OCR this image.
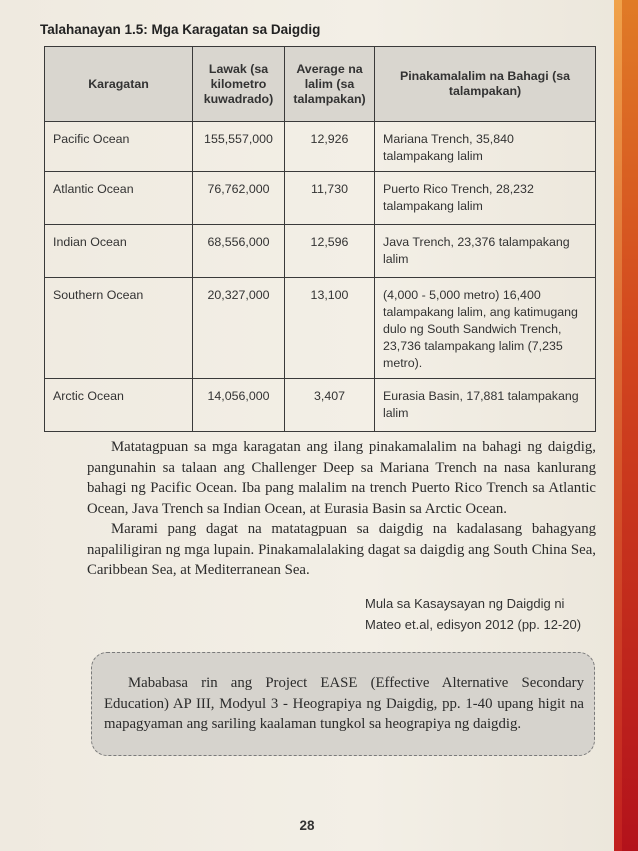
Talahanayan 1.5: Mga Karagatan sa Daigdig
Karagatan	Lawak (sa kilometro kuwadrado)	Average na lalim (sa talampakan)	Pinakamalalim na Bahagi (sa talampakan)
Pacific Ocean	155,557,000	12,926	Mariana Trench, 35,840 talampakang lalim
Atlantic Ocean	76,762,000	11,730	Puerto Rico Trench, 28,232 talampakang lalim
Indian Ocean	68,556,000	12,596	Java Trench, 23,376 talampakang lalim
Southern Ocean	20,327,000	13,100	(4,000 - 5,000 metro) 16,400 talampakang lalim, ang katimugang dulo ng South Sandwich Trench, 23,736 talampakang lalim (7,235 metro).
Arctic Ocean	14,056,000	3,407	Eurasia Basin, 17,881 talampakang lalim

Matatagpuan sa mga karagatan ang ilang pinakamalalim na bahagi ng daigdig, pangunahin sa talaan ang Challenger Deep sa Mariana Trench na nasa kanlurang bahagi ng Pacific Ocean. Iba pang malalim na trench Puerto Rico Trench sa Atlantic Ocean, Java Trench sa Indian Ocean, at Eurasia Basin sa Arctic Ocean.

Marami pang dagat na matatagpuan sa daigdig na kadalasang bahagyang napaliligiran ng mga lupain. Pinakamalalaking dagat sa daigdig ang South China Sea, Caribbean Sea, at Mediterranean Sea.

Mula sa Kasaysayan ng Daigdig ni
Mateo et.al, edisyon 2012 (pp. 12-20)

Mababasa rin ang Project EASE (Effective Alternative Secondary Education) AP III, Modyul 3 - Heograpiya ng Daigdig, pp. 1-40 upang higit na mapagyaman ang sariling kaalaman tungkol sa heograpiya ng daigdig.

28
